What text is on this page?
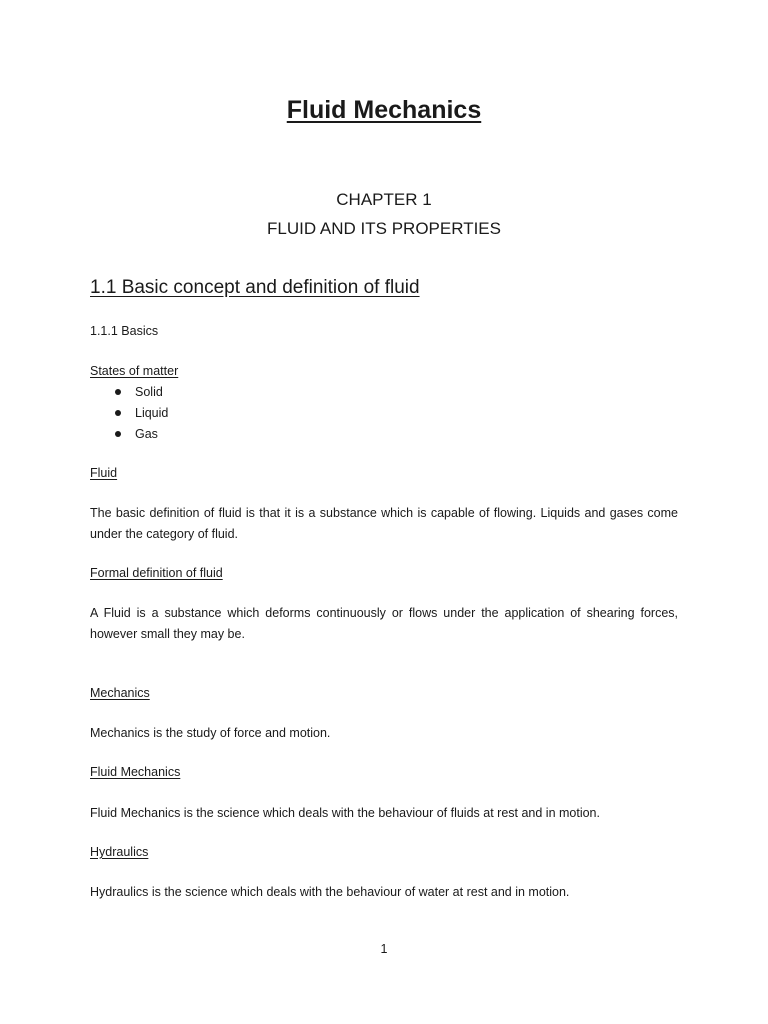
Fluid Mechanics
CHAPTER 1
FLUID AND ITS PROPERTIES
1.1 Basic concept and definition of fluid
1.1.1 Basics
States of matter
Solid
Liquid
Gas
Fluid

The basic definition of fluid is that it is a substance which is capable of flowing. Liquids and gases come under the category of fluid.

Formal definition of fluid

A Fluid is a substance which deforms continuously or flows under the application of shearing forces, however small they may be.

Mechanics

Mechanics is the study of force and motion.

Fluid Mechanics

Fluid Mechanics is the science which deals with the behaviour of fluids at rest and in motion.

Hydraulics

Hydraulics is the science which deals with the behaviour of water at rest and in motion.

1
